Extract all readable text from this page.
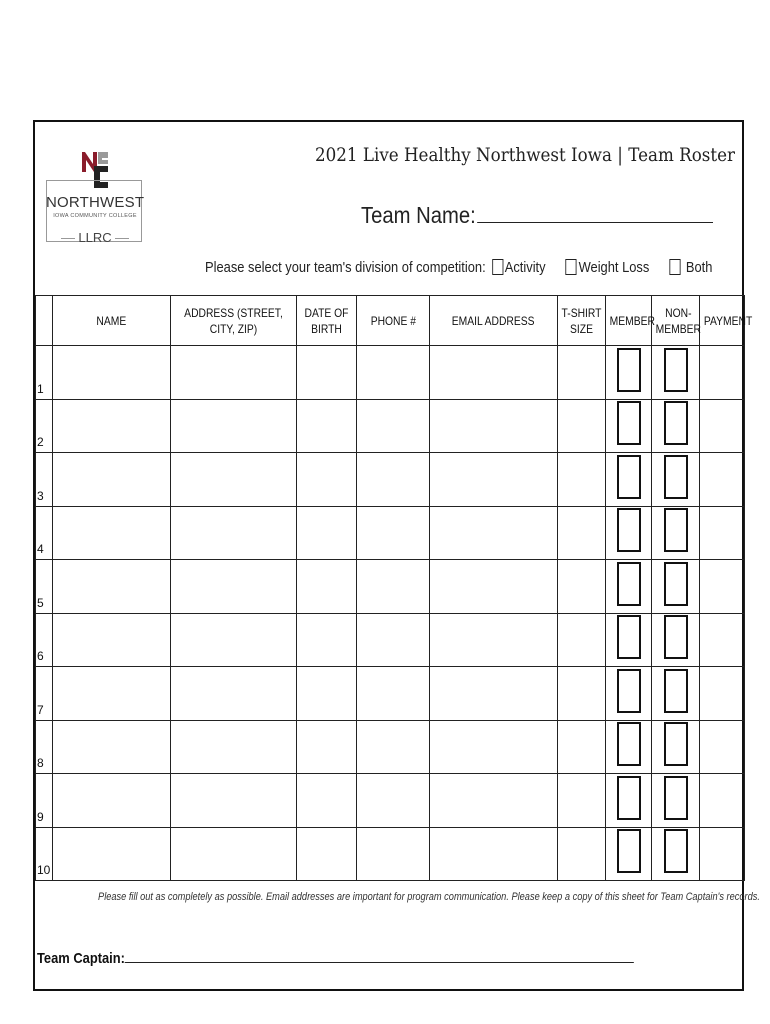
NORTHWEST
IOWA COMMUNITY COLLEGE
LLRC
2021 Live Healthy Northwest Iowa | Team Roster
Team Name:
Please select your team's division of competition: Activity Weight Loss Both
	NAME	ADDRESS (STREET, CITY, ZIP)	DATE OF BIRTH	PHONE #	EMAIL ADDRESS	T-SHIRT SIZE	MEMBER	NON-MEMBER	PAYMENT
1									
2									
3									
4									
5									
6									
7									
8									
9									
10									
Please fill out as completely as possible. Email addresses are important for program communication. Please keep a copy of this sheet for Team Captain's records.
Team Captain:
